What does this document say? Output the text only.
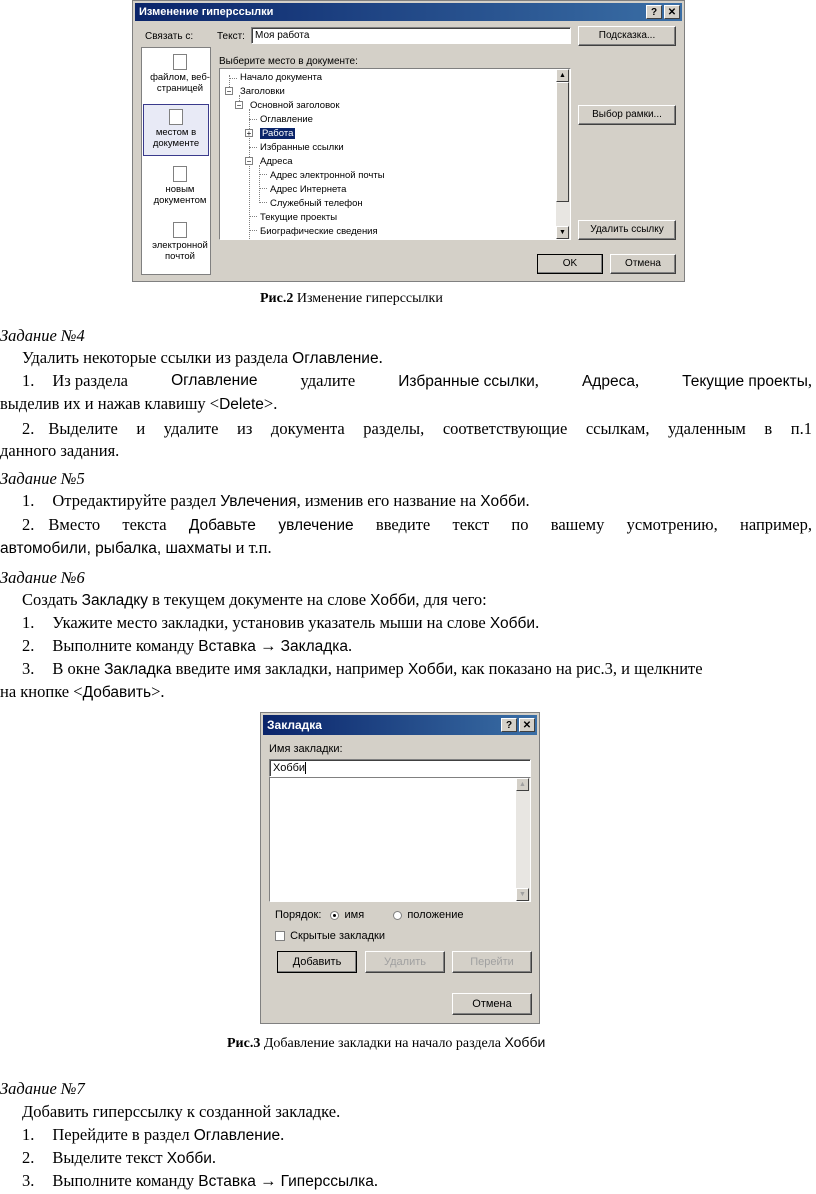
Изменение гиперссылки	?	✕
Связать с: Текст:	Моя работа	Подсказка...
файлом, веб-
страницей
местом в
документе
новым
документом
электронной
почтой
Выберите место в документе:
−
−
+
−
Начало документа
Заголовки
Основной заголовок
Оглавление
Работа
Избранные ссылки
Адреса
Адрес электронной почты
Адрес Интернета
Служебный телефон
Текущие проекты
Биографические сведения
▲
▼
Выбор рамки...
Удалить ссылку
OK	Отмена
Рис.2 Изменение гиперссылки
Задание №4
Удалить некоторые ссылки из раздела Оглавление.
1. Из раздела	Оглавление	удалите	Избранные ссылки,	Адреса,	Текущие проекты,
выделив их и нажав клавишу <Delete>.
2. Выделите и удалите из документа разделы, соответствующие ссылкам, удаленным в п.1
данного задания.
Задание №5
1. Отредактируйте раздел Увлечения, изменив его название на Хобби.
2. Вместо текста Добавьте увлечение введите текст по вашему усмотрению, например,
автомобили, рыбалка, шахматы и т.п.
Задание №6
Создать Закладку в текущем документе на слове Хобби, для чего:
1. Укажите место закладки, установив указатель мыши на слове Хобби.
2. Выполните команду Вставка → Закладка.
3. В окне Закладка введите имя закладки, например Хобби, как показано на рис.3, и щелкните
на кнопке <Добавить>.
Закладка	?	✕
Имя закладки:
Хобби
▲
▼
Порядок: имя	положение
Скрытые закладки
Добавить	Удалить	Перейти
Отмена
Рис.3 Добавление закладки на начало раздела Хобби
Задание №7
Добавить гиперссылку к созданной закладке.
1. Перейдите в раздел Оглавление.
2. Выделите текст Хобби.
3. Выполните команду Вставка → Гиперссылка.
